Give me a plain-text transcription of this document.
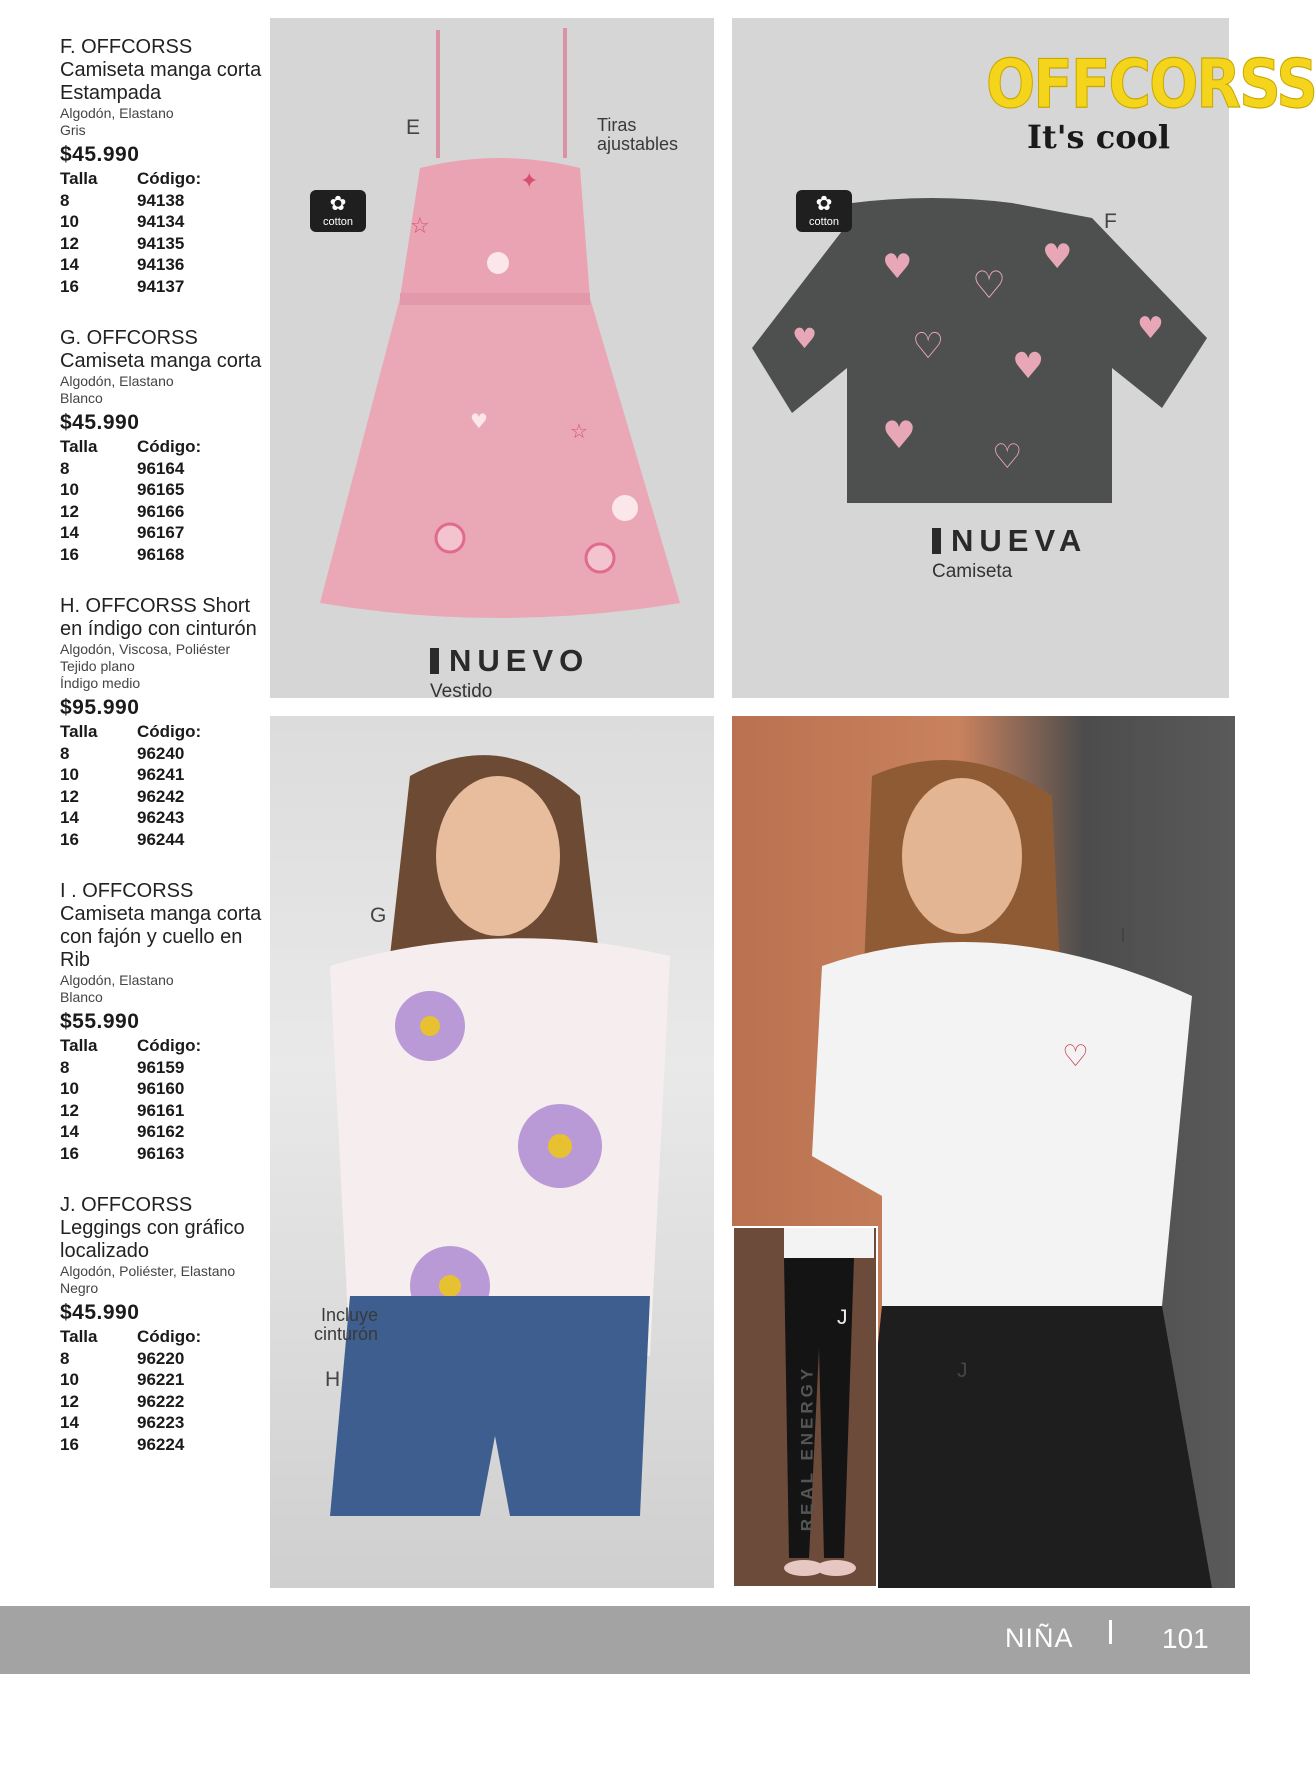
F. OFFCORSS Camiseta manga corta Estampada
Algodón, Elastano
Gris
$45.990
Talla	Código:
8	94138
10	94134
12	94135
14	94136
16	94137
G. OFFCORSS Camiseta manga corta
Algodón, Elastano
Blanco
$45.990
Talla	Código:
8	96164
10	96165
12	96166
14	96167
16	96168
H. OFFCORSS Short en índigo con cinturón
Algodón, Viscosa, Poliéster
Tejido plano
Índigo medio
$95.990
Talla	Código:
8	96240
10	96241
12	96242
14	96243
16	96244
I . OFFCORSS Camiseta manga corta con fajón y cuello en Rib
Algodón, Elastano
Blanco
$55.990
Talla	Código:
8	96159
10	96160
12	96161
14	96162
16	96163
J. OFFCORSS Leggings con gráfico localizado
Algodón, Poliéster, Elastano
Negro
$45.990
Talla	Código:
8	96220
10	96221
12	96222
14	96223
16	96224
✦
☆
♥	☆
✿
cotton
E	Tiras ajustables
NUEVO
Vestido
♥ ♡
♥
♡ ♥
♥ ♡
♥	♥
✿
cotton	F
NUEVA
Camiseta
OFFCORSS
It's cool
G
Incluye cinturón
H
♡
I
J
REAL ENERGY
J
NIÑA	101
